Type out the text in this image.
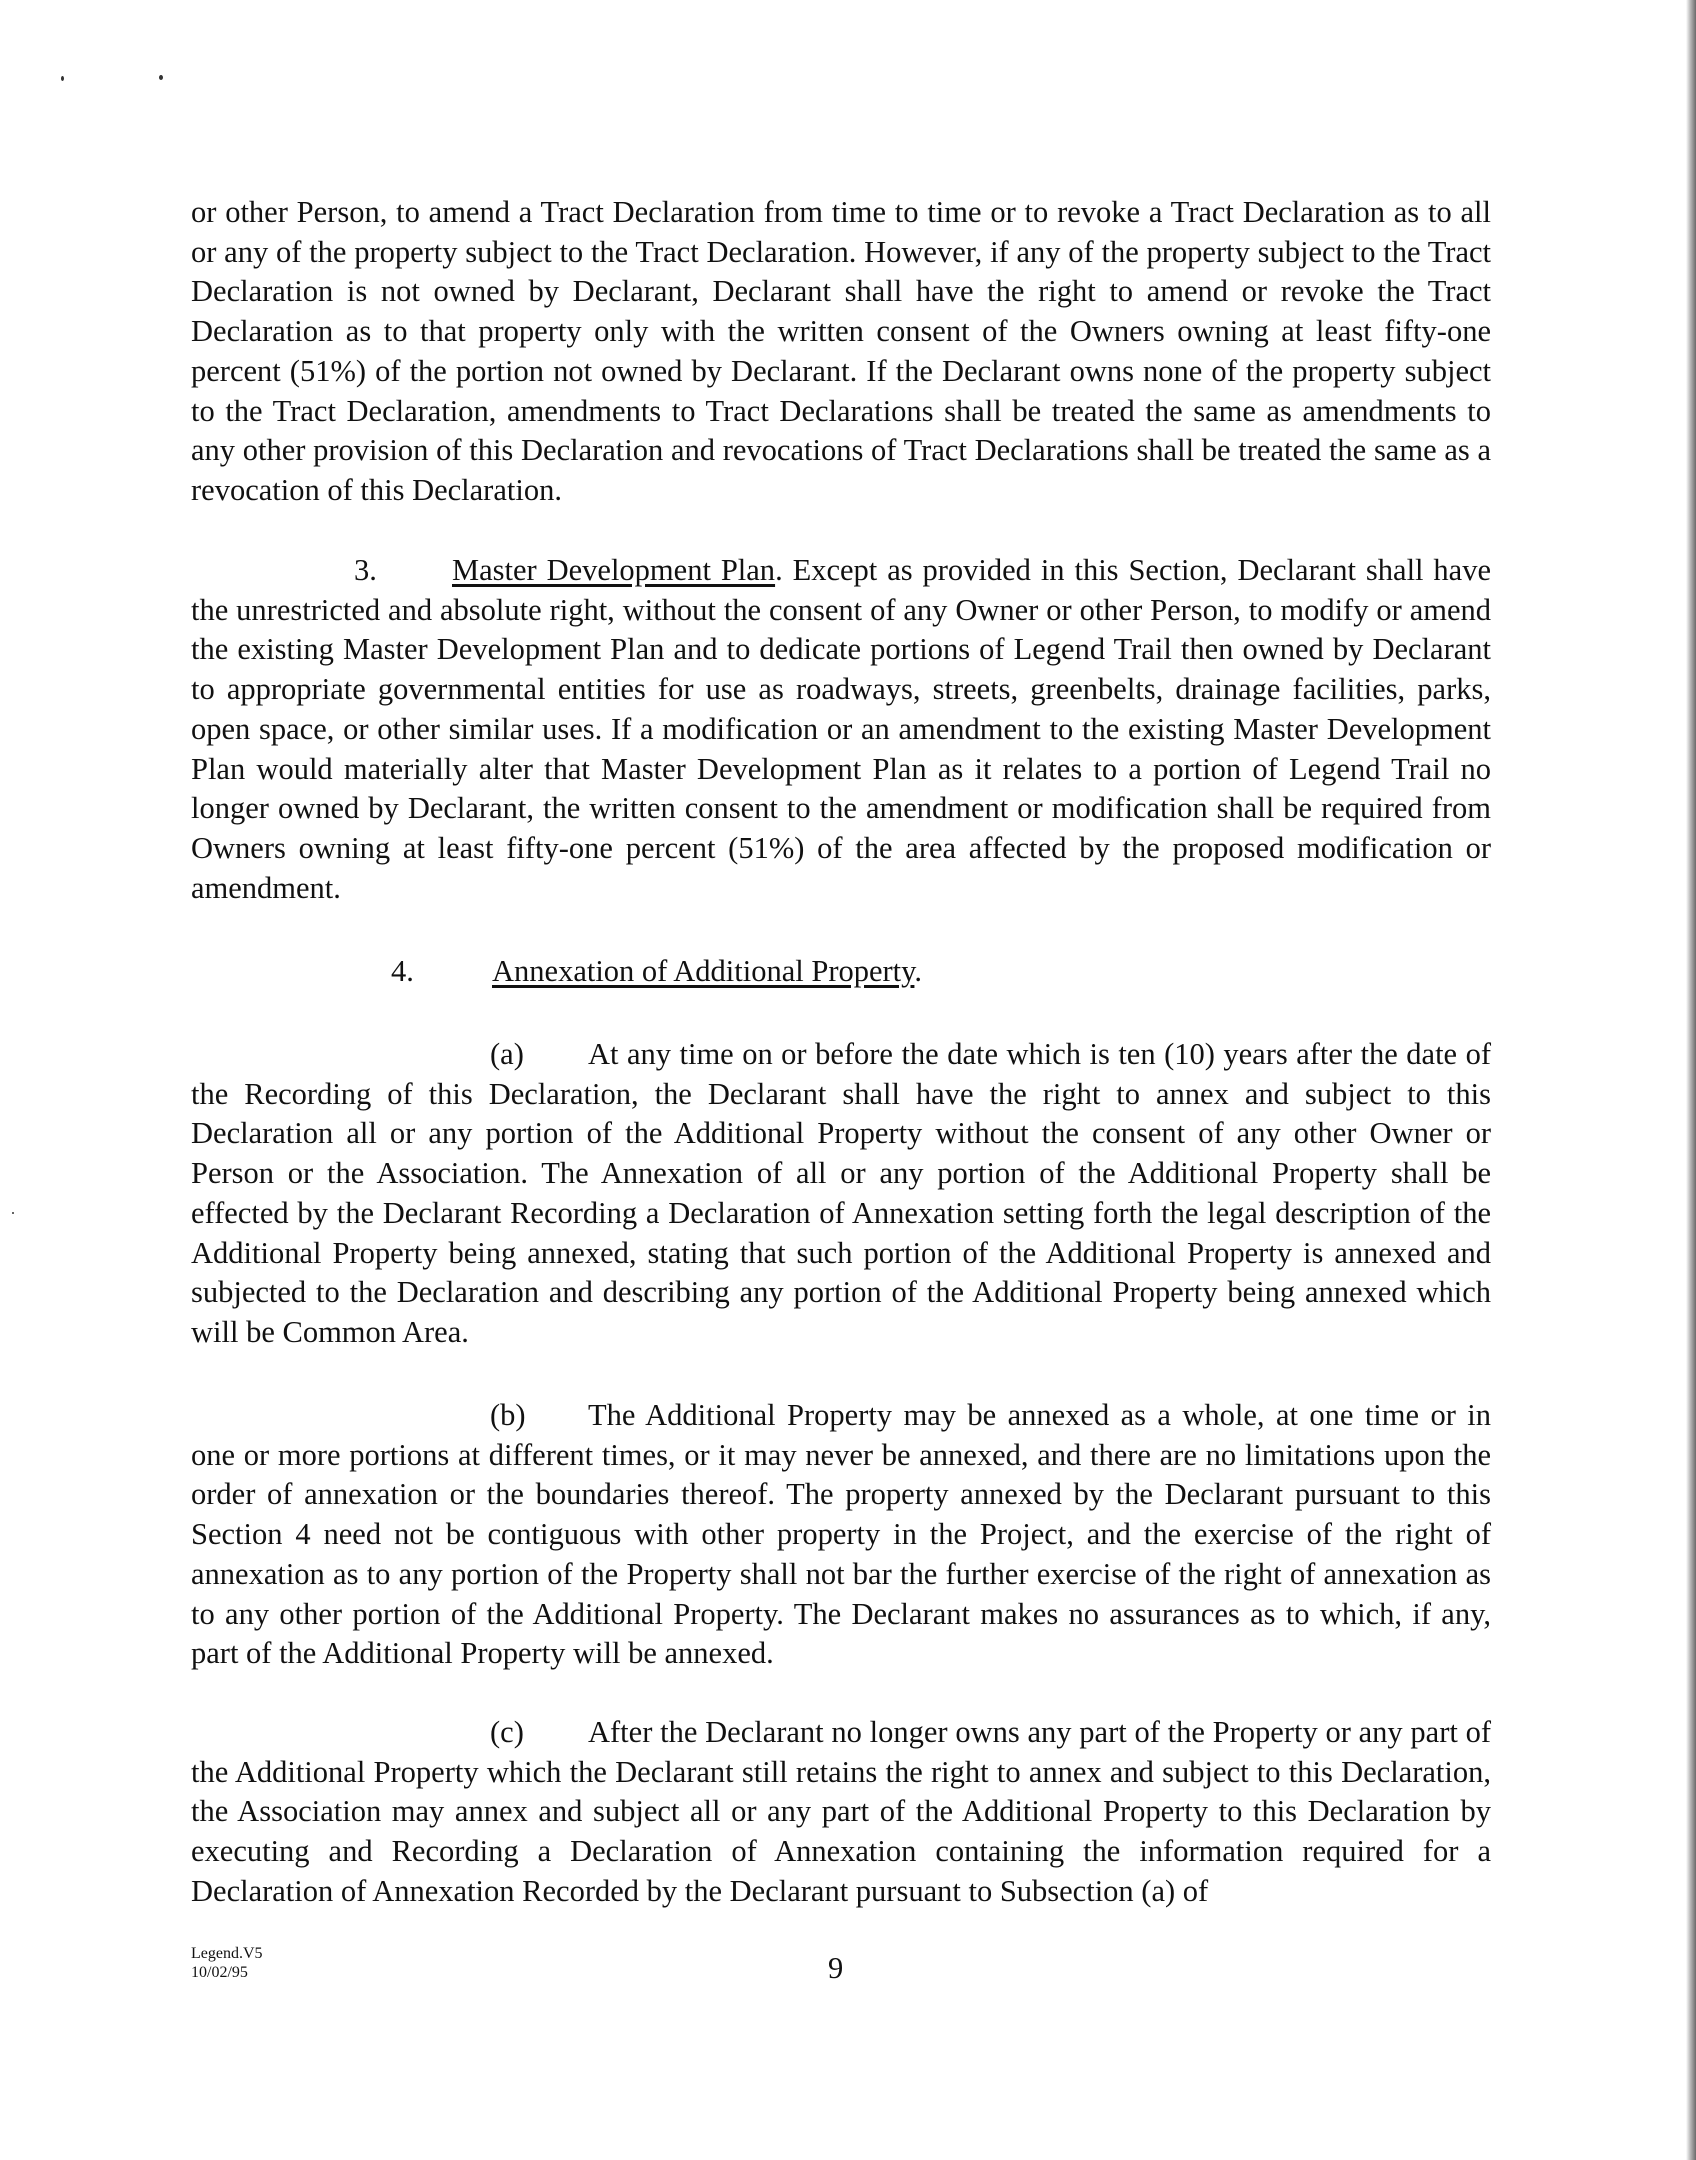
or other Person, to amend a Tract Declaration from time to time or to revoke a Tract Declaration as to all or any of the property subject to the Tract Declaration. However, if any of the property subject to the Tract Declaration is not owned by Declarant, Declarant shall have the right to amend or revoke the Tract Declaration as to that property only with the written consent of the Owners owning at least fifty-one percent (51%) of the portion not owned by Declarant. If the Declarant owns none of the property subject to the Tract Declaration, amendments to Tract Declarations shall be treated the same as amendments to any other provision of this Declaration and revocations of Tract Declarations shall be treated the same as a revocation of this Declaration.

3. Master Development Plan. Except as provided in this Section, Declarant shall have the unrestricted and absolute right, without the consent of any Owner or other Person, to modify or amend the existing Master Development Plan and to dedicate portions of Legend Trail then owned by Declarant to appropriate governmental entities for use as roadways, streets, greenbelts, drainage facilities, parks, open space, or other similar uses. If a modification or an amendment to the existing Master Development Plan would materially alter that Master Development Plan as it relates to a portion of Legend Trail no longer owned by Declarant, the written consent to the amendment or modification shall be required from Owners owning at least fifty-one percent (51%) of the area affected by the proposed modification or amendment.

4.	Annexation of Additional Property.

(a) At any time on or before the date which is ten (10) years after the date of the Recording of this Declaration, the Declarant shall have the right to annex and subject to this Declaration all or any portion of the Additional Property without the consent of any other Owner or Person or the Association. The Annexation of all or any portion of the Additional Property shall be effected by the Declarant Recording a Declaration of Annexation setting forth the legal description of the Additional Property being annexed, stating that such portion of the Additional Property is annexed and subjected to the Declaration and describing any portion of the Additional Property being annexed which will be Common Area.

(b) The Additional Property may be annexed as a whole, at one time or in one or more portions at different times, or it may never be annexed, and there are no limitations upon the order of annexation or the boundaries thereof. The property annexed by the Declarant pursuant to this Section 4 need not be contiguous with other property in the Project, and the exercise of the right of annexation as to any portion of the Property shall not bar the further exercise of the right of annexation as to any other portion of the Additional Property. The Declarant makes no assurances as to which, if any, part of the Additional Property will be annexed.

(c) After the Declarant no longer owns any part of the Property or any part of the Additional Property which the Declarant still retains the right to annex and subject to this Declaration, the Association may annex and subject all or any part of the Additional Property to this Declaration by executing and Recording a Declaration of Annexation containing the information required for a Declaration of Annexation Recorded by the Declarant pursuant to Subsection (a) of

Legend.V5
10/02/95	9
